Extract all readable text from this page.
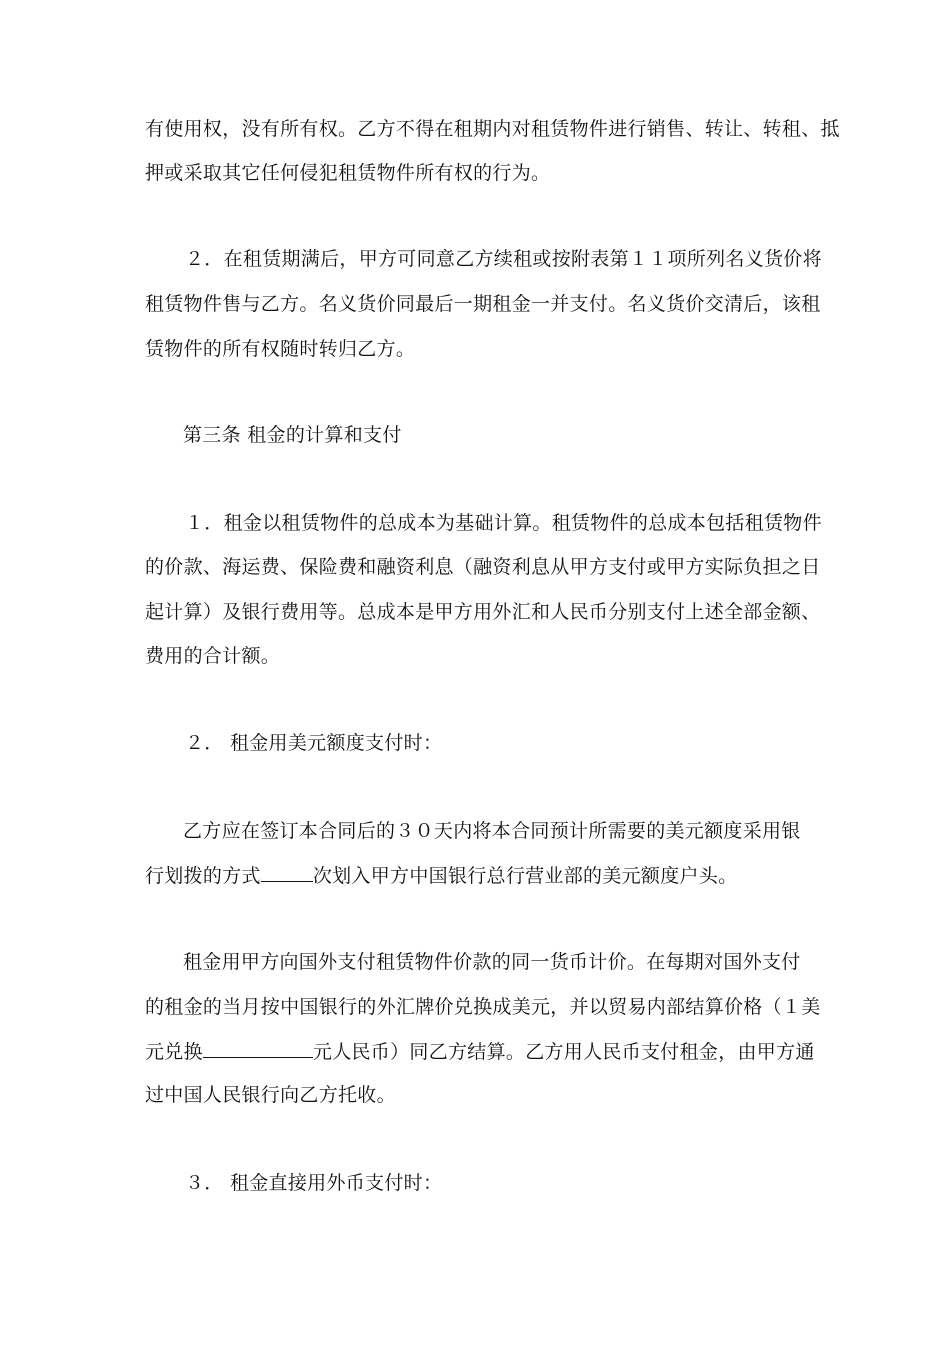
有使用权，没有所有权。乙方不得在租期内对租赁物件进行销售、转让、转租、抵
押或采取其它任何侵犯租赁物件所有权的行为。
２．在租赁期满后，甲方可同意乙方续租或按附表第１１项所列名义货价将
租赁物件售与乙方。名义货价同最后一期租金一并支付。名义货价交清后，该租
赁物件的所有权随时转归乙方。
第三条 租金的计算和支付
１．租金以租赁物件的总成本为基础计算。租赁物件的总成本包括租赁物件
的价款、海运费、保险费和融资利息（融资利息从甲方支付或甲方实际负担之日
起计算）及银行费用等。总成本是甲方用外汇和人民币分别支付上述全部金额、
费用的合计额。
２． 租金用美元额度支付时：
乙方应在签订本合同后的３０天内将本合同预计所需要的美元额度采用银
行划拨的方式	次划入甲方中国银行总行营业部的美元额度户头。
租金用甲方向国外支付租赁物件价款的同一货币计价。在每期对国外支付
的租金的当月按中国银行的外汇牌价兑换成美元，并以贸易内部结算价格（１美
元兑换	元人民币）同乙方结算。乙方用人民币支付租金，由甲方通
过中国人民银行向乙方托收。
３． 租金直接用外币支付时：
